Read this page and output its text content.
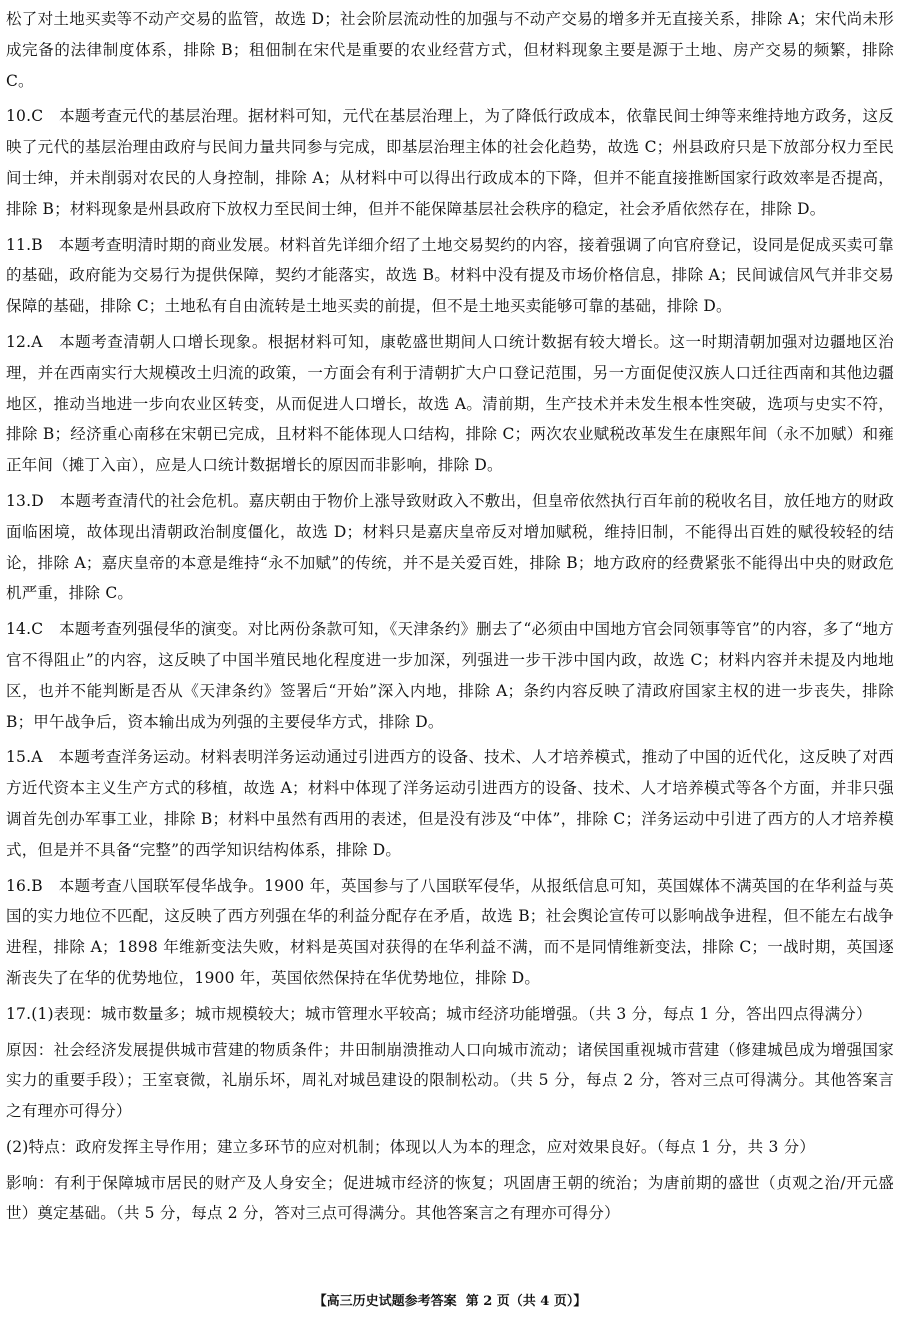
松了对土地买卖等不动产交易的监管，故选 D；社会阶层流动性的加强与不动产交易的增多并无直接关系，排除 A；宋代尚未形成完备的法律制度体系，排除 B；租佃制在宋代是重要的农业经营方式，但材料现象主要是源于土地、房产交易的频繁，排除 C。

10.C　本题考查元代的基层治理。据材料可知，元代在基层治理上，为了降低行政成本，依靠民间士绅等来维持地方政务，这反映了元代的基层治理由政府与民间力量共同参与完成，即基层治理主体的社会化趋势，故选 C；州县政府只是下放部分权力至民间士绅，并未削弱对农民的人身控制，排除 A；从材料中可以得出行政成本的下降，但并不能直接推断国家行政效率是否提高，排除 B；材料现象是州县政府下放权力至民间士绅，但并不能保障基层社会秩序的稳定，社会矛盾依然存在，排除 D。

11.B　本题考查明清时期的商业发展。材料首先详细介绍了土地交易契约的内容，接着强调了向官府登记，设同是促成买卖可靠的基础，政府能为交易行为提供保障，契约才能落实，故选 B。材料中没有提及市场价格信息，排除 A；民间诚信风气并非交易保障的基础，排除 C；土地私有自由流转是土地买卖的前提，但不是土地买卖能够可靠的基础，排除 D。

12.A　本题考查清朝人口增长现象。根据材料可知，康乾盛世期间人口统计数据有较大增长。这一时期清朝加强对边疆地区治理，并在西南实行大规模改土归流的政策，一方面会有利于清朝扩大户口登记范围，另一方面促使汉族人口迁往西南和其他边疆地区，推动当地进一步向农业区转变，从而促进人口增长，故选 A。清前期，生产技术并未发生根本性突破，选项与史实不符，排除 B；经济重心南移在宋朝已完成，且材料不能体现人口结构，排除 C；两次农业赋税改革发生在康熙年间（永不加赋）和雍正年间（摊丁入亩），应是人口统计数据增长的原因而非影响，排除 D。

13.D　本题考查清代的社会危机。嘉庆朝由于物价上涨导致财政入不敷出，但皇帝依然执行百年前的税收名目，放任地方的财政面临困境，故体现出清朝政治制度僵化，故选 D；材料只是嘉庆皇帝反对增加赋税，维持旧制，不能得出百姓的赋役较轻的结论，排除 A；嘉庆皇帝的本意是维持“永不加赋”的传统，并不是关爱百姓，排除 B；地方政府的经费紧张不能得出中央的财政危机严重，排除 C。

14.C　本题考查列强侵华的演变。对比两份条款可知，《天津条约》删去了“必须由中国地方官会同领事等官”的内容，多了“地方官不得阻止”的内容，这反映了中国半殖民地化程度进一步加深，列强进一步干涉中国内政，故选 C；材料内容并未提及内地地区，也并不能判断是否从《天津条约》签署后“开始”深入内地，排除 A；条约内容反映了清政府国家主权的进一步丧失，排除 B；甲午战争后，资本输出成为列强的主要侵华方式，排除 D。

15.A　本题考查洋务运动。材料表明洋务运动通过引进西方的设备、技术、人才培养模式，推动了中国的近代化，这反映了对西方近代资本主义生产方式的移植，故选 A；材料中体现了洋务运动引进西方的设备、技术、人才培养模式等各个方面，并非只强调首先创办军事工业，排除 B；材料中虽然有西用的表述，但是没有涉及“中体”，排除 C；洋务运动中引进了西方的人才培养模式，但是并不具备“完整”的西学知识结构体系，排除 D。

16.B　本题考查八国联军侵华战争。1900 年，英国参与了八国联军侵华，从报纸信息可知，英国媒体不满英国的在华利益与英国的实力地位不匹配，这反映了西方列强在华的利益分配存在矛盾，故选 B；社会舆论宣传可以影响战争进程，但不能左右战争进程，排除 A；1898 年维新变法失败，材料是英国对获得的在华利益不满，而不是同情维新变法，排除 C；一战时期，英国逐渐丧失了在华的优势地位，1900 年，英国依然保持在华优势地位，排除 D。

17.(1)表现：城市数量多；城市规模较大；城市管理水平较高；城市经济功能增强。（共 3 分，每点 1 分，答出四点得满分）

原因：社会经济发展提供城市营建的物质条件；井田制崩溃推动人口向城市流动；诸侯国重视城市营建（修建城邑成为增强国家实力的重要手段）；王室衰微，礼崩乐坏，周礼对城邑建设的限制松动。（共 5 分，每点 2 分，答对三点可得满分。其他答案言之有理亦可得分）

(2)特点：政府发挥主导作用；建立多环节的应对机制；体现以人为本的理念，应对效果良好。（每点 1 分，共 3 分）

影响：有利于保障城市居民的财产及人身安全；促进城市经济的恢复；巩固唐王朝的统治；为唐前期的盛世（贞观之治/开元盛世）奠定基础。（共 5 分，每点 2 分，答对三点可得满分。其他答案言之有理亦可得分）

【高三历史试题参考答案 第 2 页（共 4 页）】
